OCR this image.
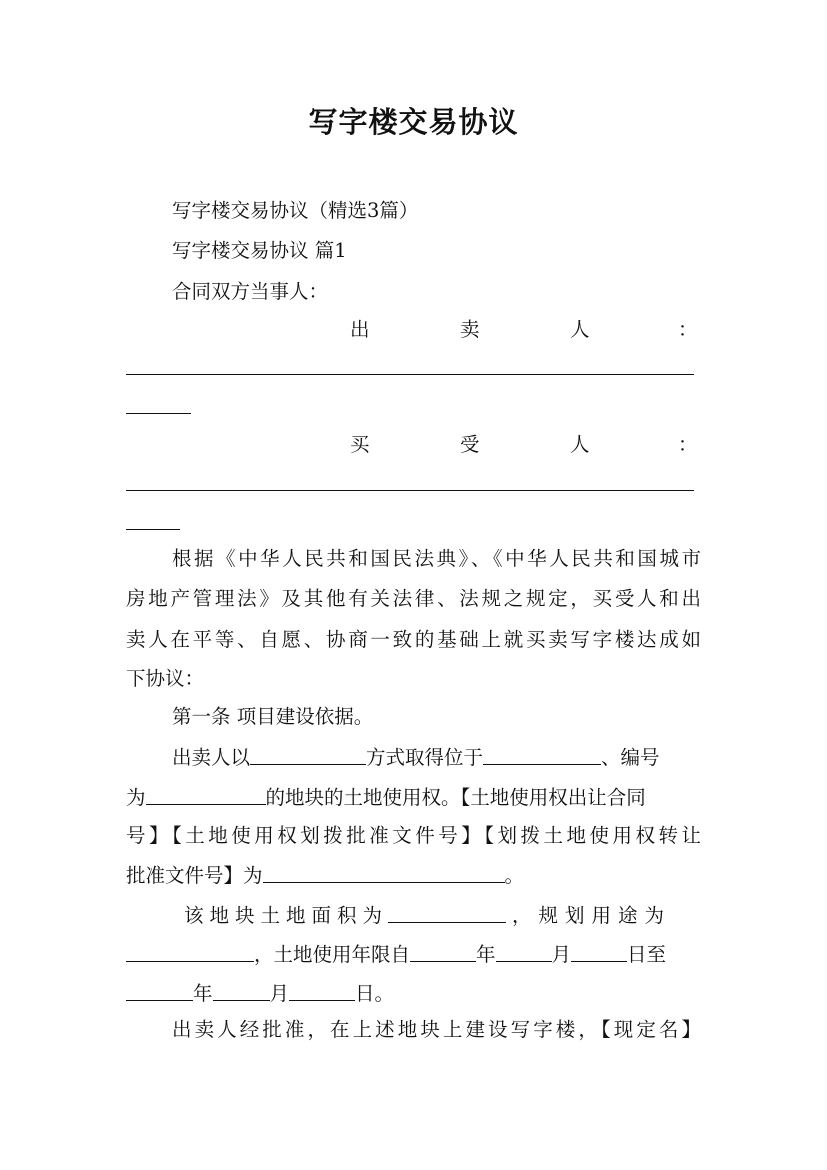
写字楼交易协议
写字楼交易协议（精选3篇）
写字楼交易协议 篇1
合同双方当事人：
出	卖	人	：
买	受	人	：
根据《中华人民共和国民法典》、《中华人民共和国城市
房地产管理法》及其他有关法律、法规之规定，买受人和出
卖人在平等、自愿、协商一致的基础上就买卖写字楼达成如
下协议：
第一条 项目建设依据。
出卖人以	方式取得位于	、编号
为	的地块的土地使用权。【土地使用权出让合同
号】【土地使用权划拨批准文件号】【划拨土地使用权转让
批准文件号】为	。
该地块土地面积为	，规划用途为
，土地使用年限自	年	月	日至
年	月	日。
出卖人经批准，在上述地块上建设写字楼，【现定名】
